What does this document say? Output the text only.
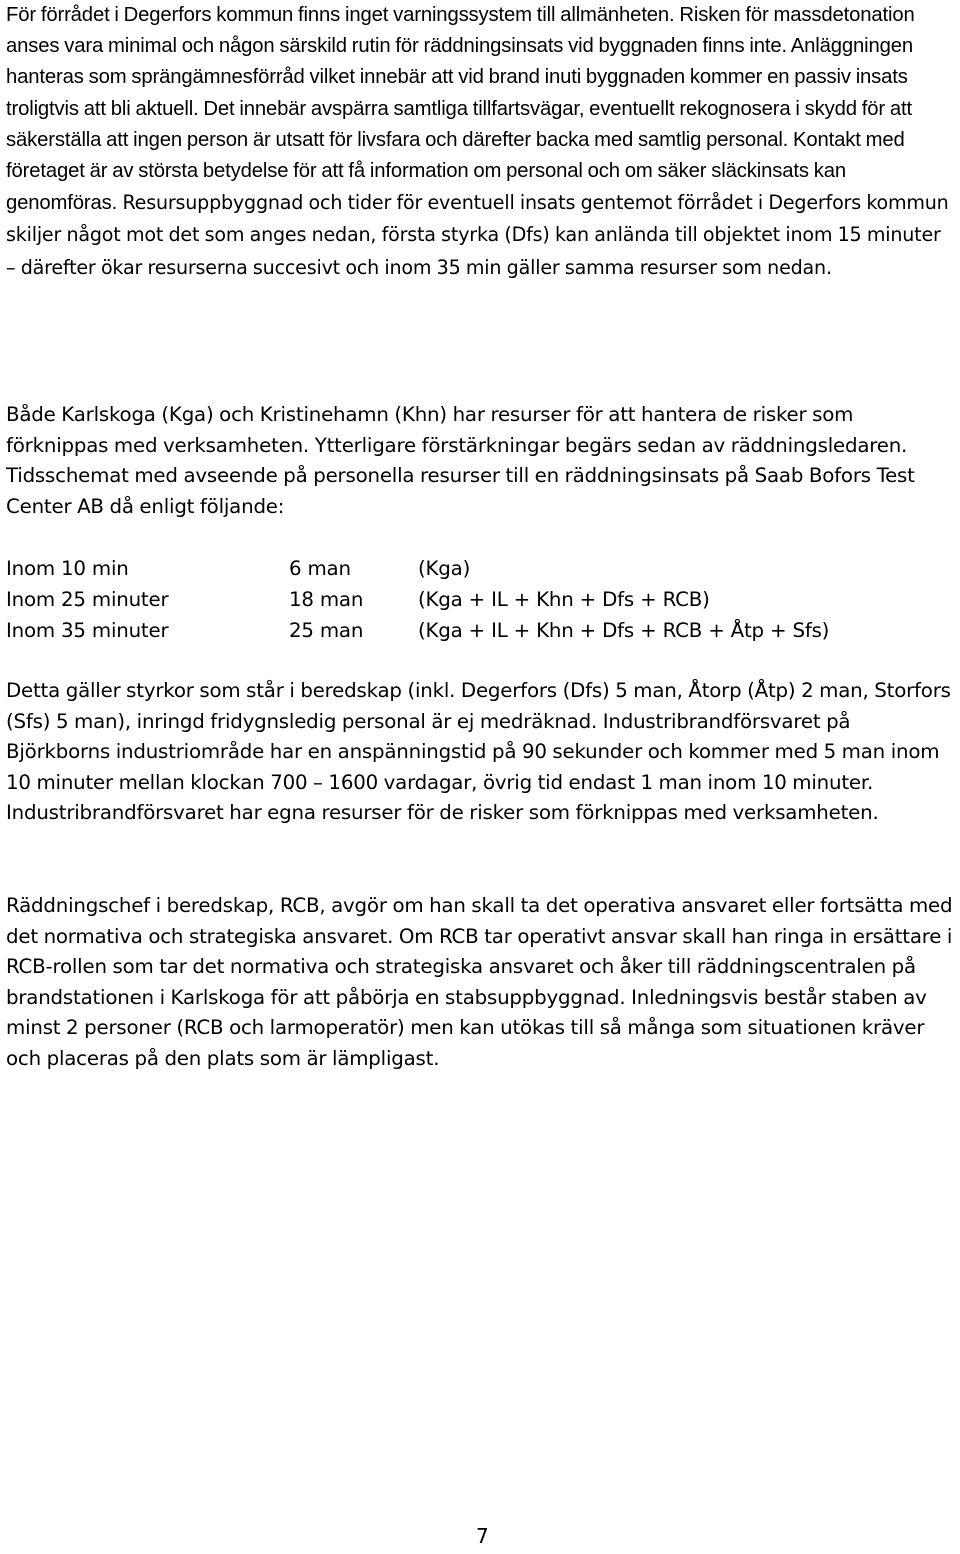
För förrådet i Degerfors kommun finns inget varningssystem till allmänheten. Risken för massdetonation anses vara minimal och någon särskild rutin för räddningsinsats vid byggnaden finns inte. Anläggningen hanteras som sprängämnesförråd vilket innebär att vid brand inuti byggnaden kommer en passiv insats troligtvis att bli aktuell. Det innebär avspärra samtliga tillfartsvägar, eventuellt rekognosera i skydd för att säkerställa att ingen person är utsatt för livsfara och därefter backa med samtlig personal. Kontakt med företaget är av största betydelse för att få information om personal och om säker släckinsats kan genomföras. Resursuppbyggnad och tider för eventuell insats gentemot förrådet i Degerfors kommun skiljer något mot det som anges nedan, första styrka (Dfs) kan anlända till objektet inom 15 minuter – därefter ökar resurserna succesivt och inom 35 min gäller samma resurser som nedan.

Både Karlskoga (Kga) och Kristinehamn (Khn) har resurser för att hantera de risker som förknippas med verksamheten. Ytterligare förstärkningar begärs sedan av räddningsledaren. Tidsschemat med avseende på personella resurser till en räddningsinsats på Saab Bofors Test Center AB då enligt följande:

Inom 10 min	6 man	(Kga)
Inom 25 minuter	18 man	(Kga + IL + Khn + Dfs + RCB)
Inom 35 minuter	25 man	(Kga + IL + Khn + Dfs + RCB + Åtp + Sfs)

Detta gäller styrkor som står i beredskap (inkl. Degerfors (Dfs) 5 man, Åtorp (Åtp) 2 man, Storfors (Sfs) 5 man), inringd fridygnsledig personal är ej medräknad. Industribrandförsvaret på Björkborns industriområde har en anspänningstid på 90 sekunder och kommer med 5 man inom 10 minuter mellan klockan 700 – 1600 vardagar, övrig tid endast 1 man inom 10 minuter. Industribrandförsvaret har egna resurser för de risker som förknippas med verksamheten.

Räddningschef i beredskap, RCB, avgör om han skall ta det operativa ansvaret eller fortsätta med det normativa och strategiska ansvaret. Om RCB tar operativt ansvar skall han ringa in ersättare i RCB-rollen som tar det normativa och strategiska ansvaret och åker till räddningscentralen på brandstationen i Karlskoga för att påbörja en stabsuppbyggnad. Inledningsvis består staben av minst 2 personer (RCB och larmoperatör) men kan utökas till så många som situationen kräver och placeras på den plats som är lämpligast.

7
